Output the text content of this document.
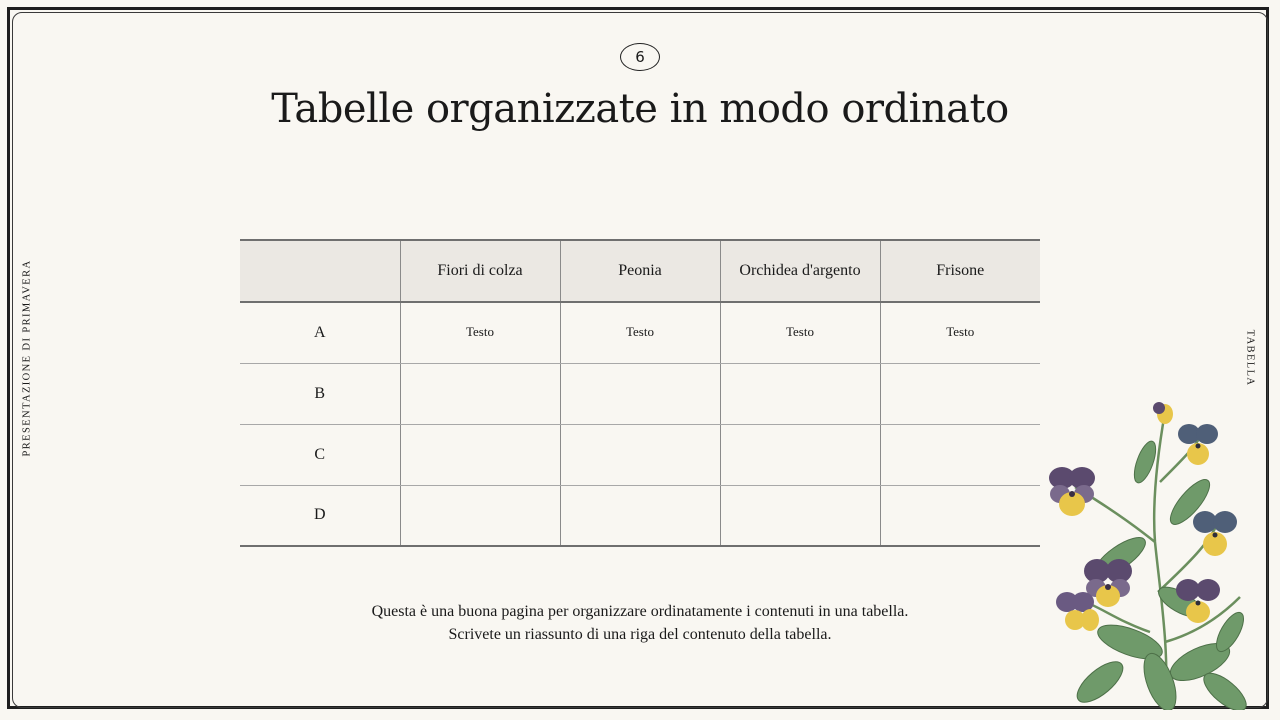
6
Tabelle organizzate in modo ordinato
PRESENTAZIONE DI PRIMAVERA	TABELLA
	Fiori di colza	Peonia	Orchidea d'argento	Frisone
A	Testo	Testo	Testo	Testo
B				
C				
D				
Questa è una buona pagina per organizzare ordinatamente i contenuti in una tabella.
Scrivete un riassunto di una riga del contenuto della tabella.
